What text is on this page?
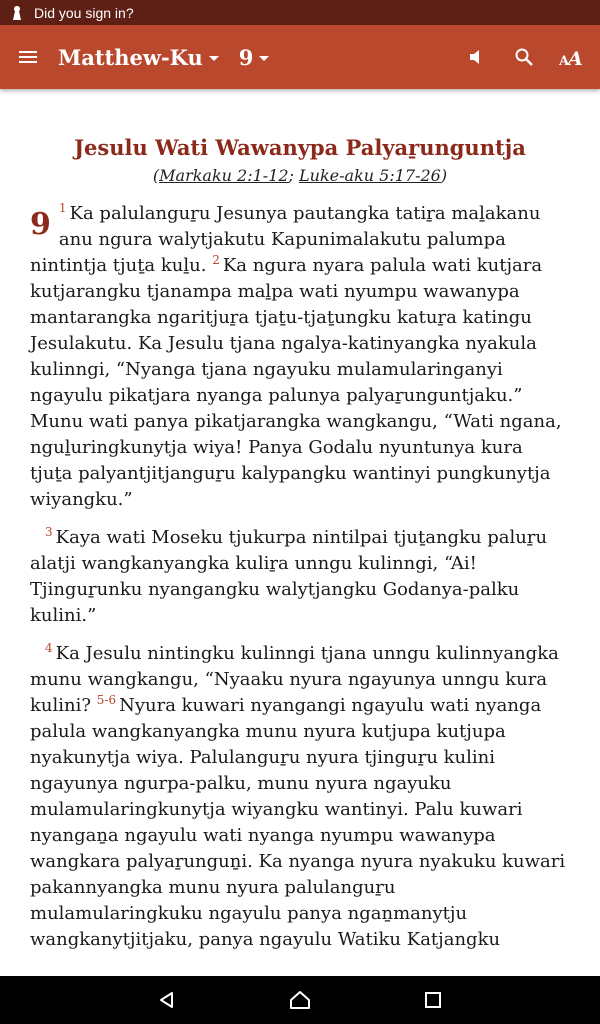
Did you sign in?
Matthew-Ku 9	A
A
Jesulu Wati Wawanypa Palyaṟunguntja
(Markaku 2:1-12; Luke-aku 5:17-26)
9 $^1$ Ka palulanguṟu Jesunya pautangka tatiṟa maḻakanu anu ngura walytjakutu Kapunimalakutu palumpa nintintja tjuṯa kuḻu. $^2$ Ka ngura nyara palula wati kutjara kutjarangku tjanampa maḻpa wati nyumpu wawanypa mantarangka ngaritjuṟa tjaṯu-tjaṯungku katuṟa katingu Jesulakutu. Ka Jesulu tjana ngalya-katinyangka nyakula kulinngi, “Nyanga tjana ngayuku mulamularinganyi ngayulu pikatjara nyanga palunya palyaṟunguntjaku.” Munu wati panya pikatjarangka wangkangu, “Wati ngana, nguḻuringkunytja wiya! Panya Godalu nyuntunya kura tjuṯa palyantjitjanguṟu kalypangku wantinyi pungkunytja wiyangku.”
$^3$ Kaya wati Moseku tjukurpa nintilpai tjuṯangku paluṟu alatji wangkanyangka kuliṟa unngu kulinngi, “Ai! Tjinguṟunku nyangangku walytjangku Godanya-palku kulini.”
$^4$ Ka Jesulu nintingku kulinngi tjana unngu kulinnyangka munu wangkangu, “Nyaaku nyura ngayunya unngu kura kulini? $^{5-6}$ Nyura kuwari nyangangi ngayulu wati nyanga palula wangkanyangka munu nyura kutjupa kutjupa nyakunytja wiya. Palulanguṟu nyura tjinguṟu kulini ngayunya ngurpa-palku, munu nyura ngayuku mulamularingkunytja wiyangku wantinyi. Palu kuwari nyangaṉa ngayulu wati nyanga nyumpu wawanypa wangkara palyaṟunguṉi. Ka nyanga nyura nyakuku kuwari pakannyangka munu nyura palulanguṟu mulamularingkuku ngayulu panya ngaṉmanytju wangkanytjitjaku, panya ngayulu Watiku Katjangku
